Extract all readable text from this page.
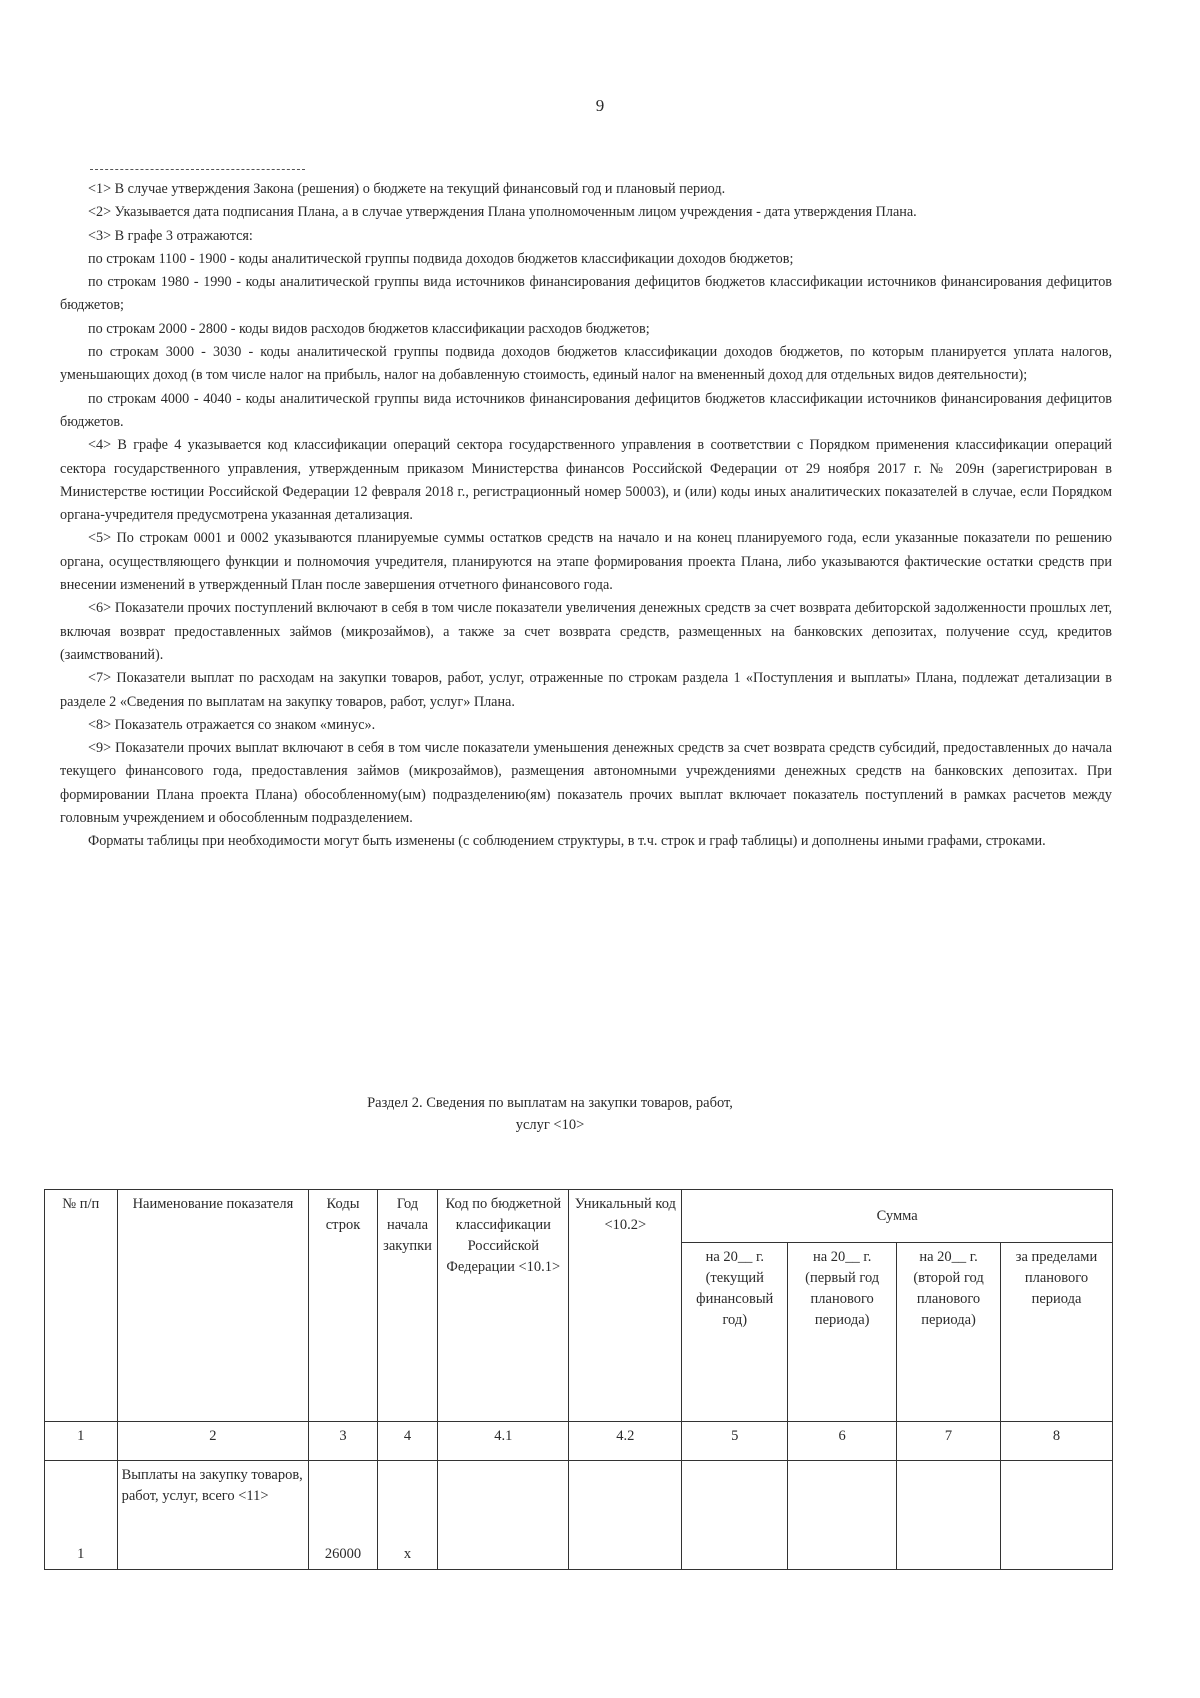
9

<1> В случае утверждения Закона (решения) о бюджете на текущий финансовый год и плановый период.

<2> Указывается дата подписания Плана, а в случае утверждения Плана уполномоченным лицом учреждения - дата утверждения Плана.

<3> В графе 3 отражаются:

по строкам 1100 - 1900 - коды аналитической группы подвида доходов бюджетов классификации доходов бюджетов;

по строкам 1980 - 1990 - коды аналитической группы вида источников финансирования дефицитов бюджетов классификации источников финансирования дефицитов бюджетов;

по строкам 2000 - 2800 - коды видов расходов бюджетов классификации расходов бюджетов;

по строкам 3000 - 3030 - коды аналитической группы подвида доходов бюджетов классификации доходов бюджетов, по которым планируется уплата налогов, уменьшающих доход (в том числе налог на прибыль, налог на добавленную стоимость, единый налог на вмененный доход для отдельных видов деятельности);

по строкам 4000 - 4040 - коды аналитической группы вида источников финансирования дефицитов бюджетов классификации источников финансирования дефицитов бюджетов.

<4> В графе 4 указывается код классификации операций сектора государственного управления в соответствии с Порядком применения классификации операций сектора государственного управления, утвержденным приказом Министерства финансов Российской Федерации от 29 ноября 2017 г. № 209н (зарегистрирован в Министерстве юстиции Российской Федерации 12 февраля 2018 г., регистрационный номер 50003), и (или) коды иных аналитических показателей в случае, если Порядком органа-учредителя предусмотрена указанная детализация.

<5> По строкам 0001 и 0002 указываются планируемые суммы остатков средств на начало и на конец планируемого года, если указанные показатели по решению органа, осуществляющего функции и полномочия учредителя, планируются на этапе формирования проекта Плана, либо указываются фактические остатки средств при внесении изменений в утвержденный План после завершения отчетного финансового года.

<6> Показатели прочих поступлений включают в себя в том числе показатели увеличения денежных средств за счет возврата дебиторской задолженности прошлых лет, включая возврат предоставленных займов (микрозаймов), а также за счет возврата средств, размещенных на банковских депозитах, получение ссуд, кредитов (заимствований).

<7> Показатели выплат по расходам на закупки товаров, работ, услуг, отраженные по строкам раздела 1 «Поступления и выплаты» Плана, подлежат детализации в разделе 2 «Сведения по выплатам на закупку товаров, работ, услуг» Плана.

<8> Показатель отражается со знаком «минус».

<9> Показатели прочих выплат включают в себя в том числе показатели уменьшения денежных средств за счет возврата средств субсидий, предоставленных до начала текущего финансового года, предоставления займов (микрозаймов), размещения автономными учреждениями денежных средств на банковских депозитах. При формировании Плана проекта Плана) обособленному(ым) подразделению(ям) показатель прочих выплат включает показатель поступлений в рамках расчетов между головным учреждением и обособленным подразделением.

Форматы таблицы при необходимости могут быть изменены (с соблюдением структуры, в т.ч. строк и граф таблицы) и дополнены иными графами, строками.

Раздел 2. Сведения по выплатам на закупки товаров, работ,
услуг <10>
№ п/п	Наименование показателя	Коды строк	Год начала закупки	Код по бюджетной классификации Российской Федерации <10.1>	Уникальный код <10.2>	Сумма			
						на 20__ г. (текущий финансовый год)	на 20__ г. (первый год планового периода)	на 20__ г. (второй год планового периода)	за пределами планового периода
1	2	3	4	4.1	4.2	5	6	7	8
1	Выплаты на закупку товаров, работ, услуг, всего <11>	26000	x						
